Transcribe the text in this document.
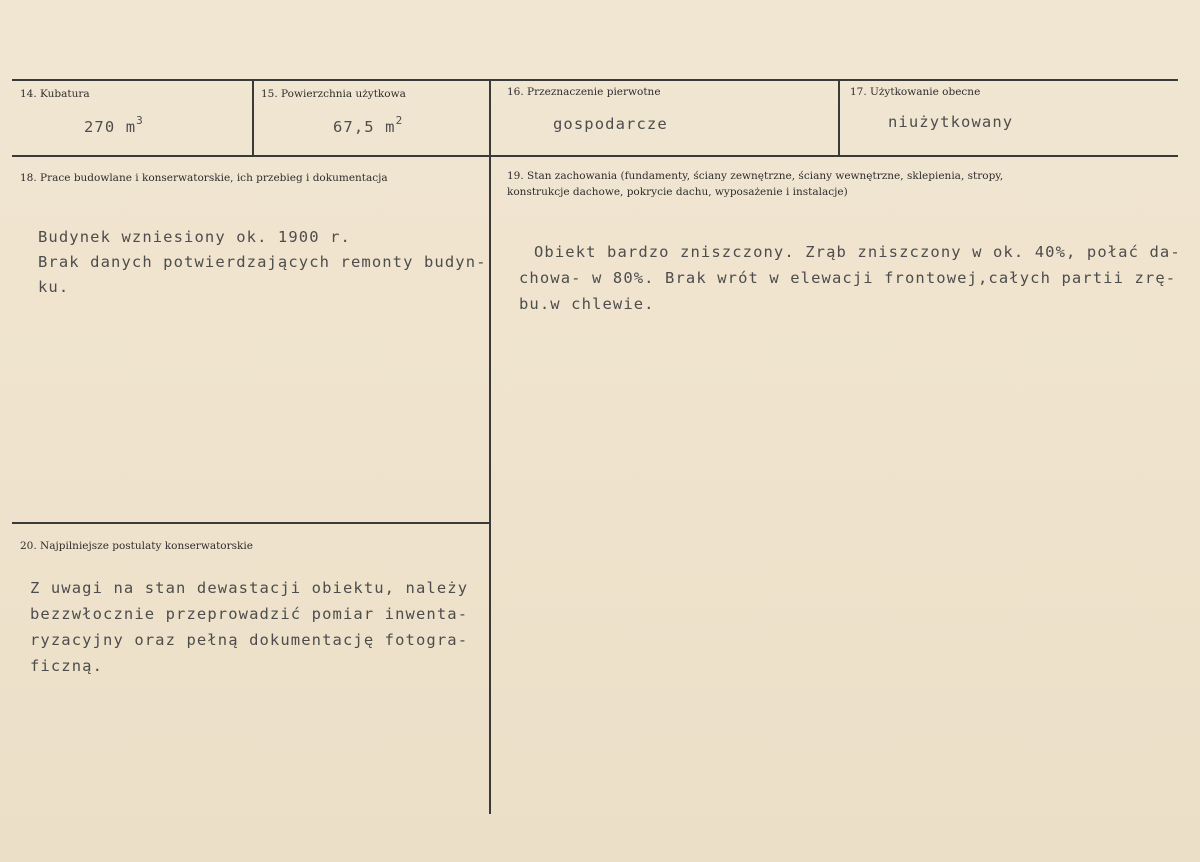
14. Kubatura
270 $m^3$
15. Powierzchnia użytkowa
67,5 $m^2$
16. Przeznaczenie pierwotne
gospodarcze
17. Użytkowanie obecne
niużytkowany
18. Prace budowlane i konserwatorskie, ich przebieg i dokumentacja
Budynek wzniesiony ok. 1900 r.
Brak danych potwierdzających remonty budyn-
ku.
19. Stan zachowania (fundamenty, ściany zewnętrzne, ściany wewnętrzne, sklepienia, stropy,
konstrukcje dachowe, pokrycie dachu, wyposażenie i instalacje)
Obiekt bardzo zniszczony. Zrąb zniszczony w ok. 40%, połać da-
chowa- w 80%. Brak wrót w elewacji frontowej,całych partii zrę-
bu.w chlewie.
20. Najpilniejsze postulaty konserwatorskie
Z uwagi na stan dewastacji obiektu, należy
bezzwłocznie przeprowadzić pomiar inwenta-
ryzacyjny oraz pełną dokumentację fotogra-
ficzną.
